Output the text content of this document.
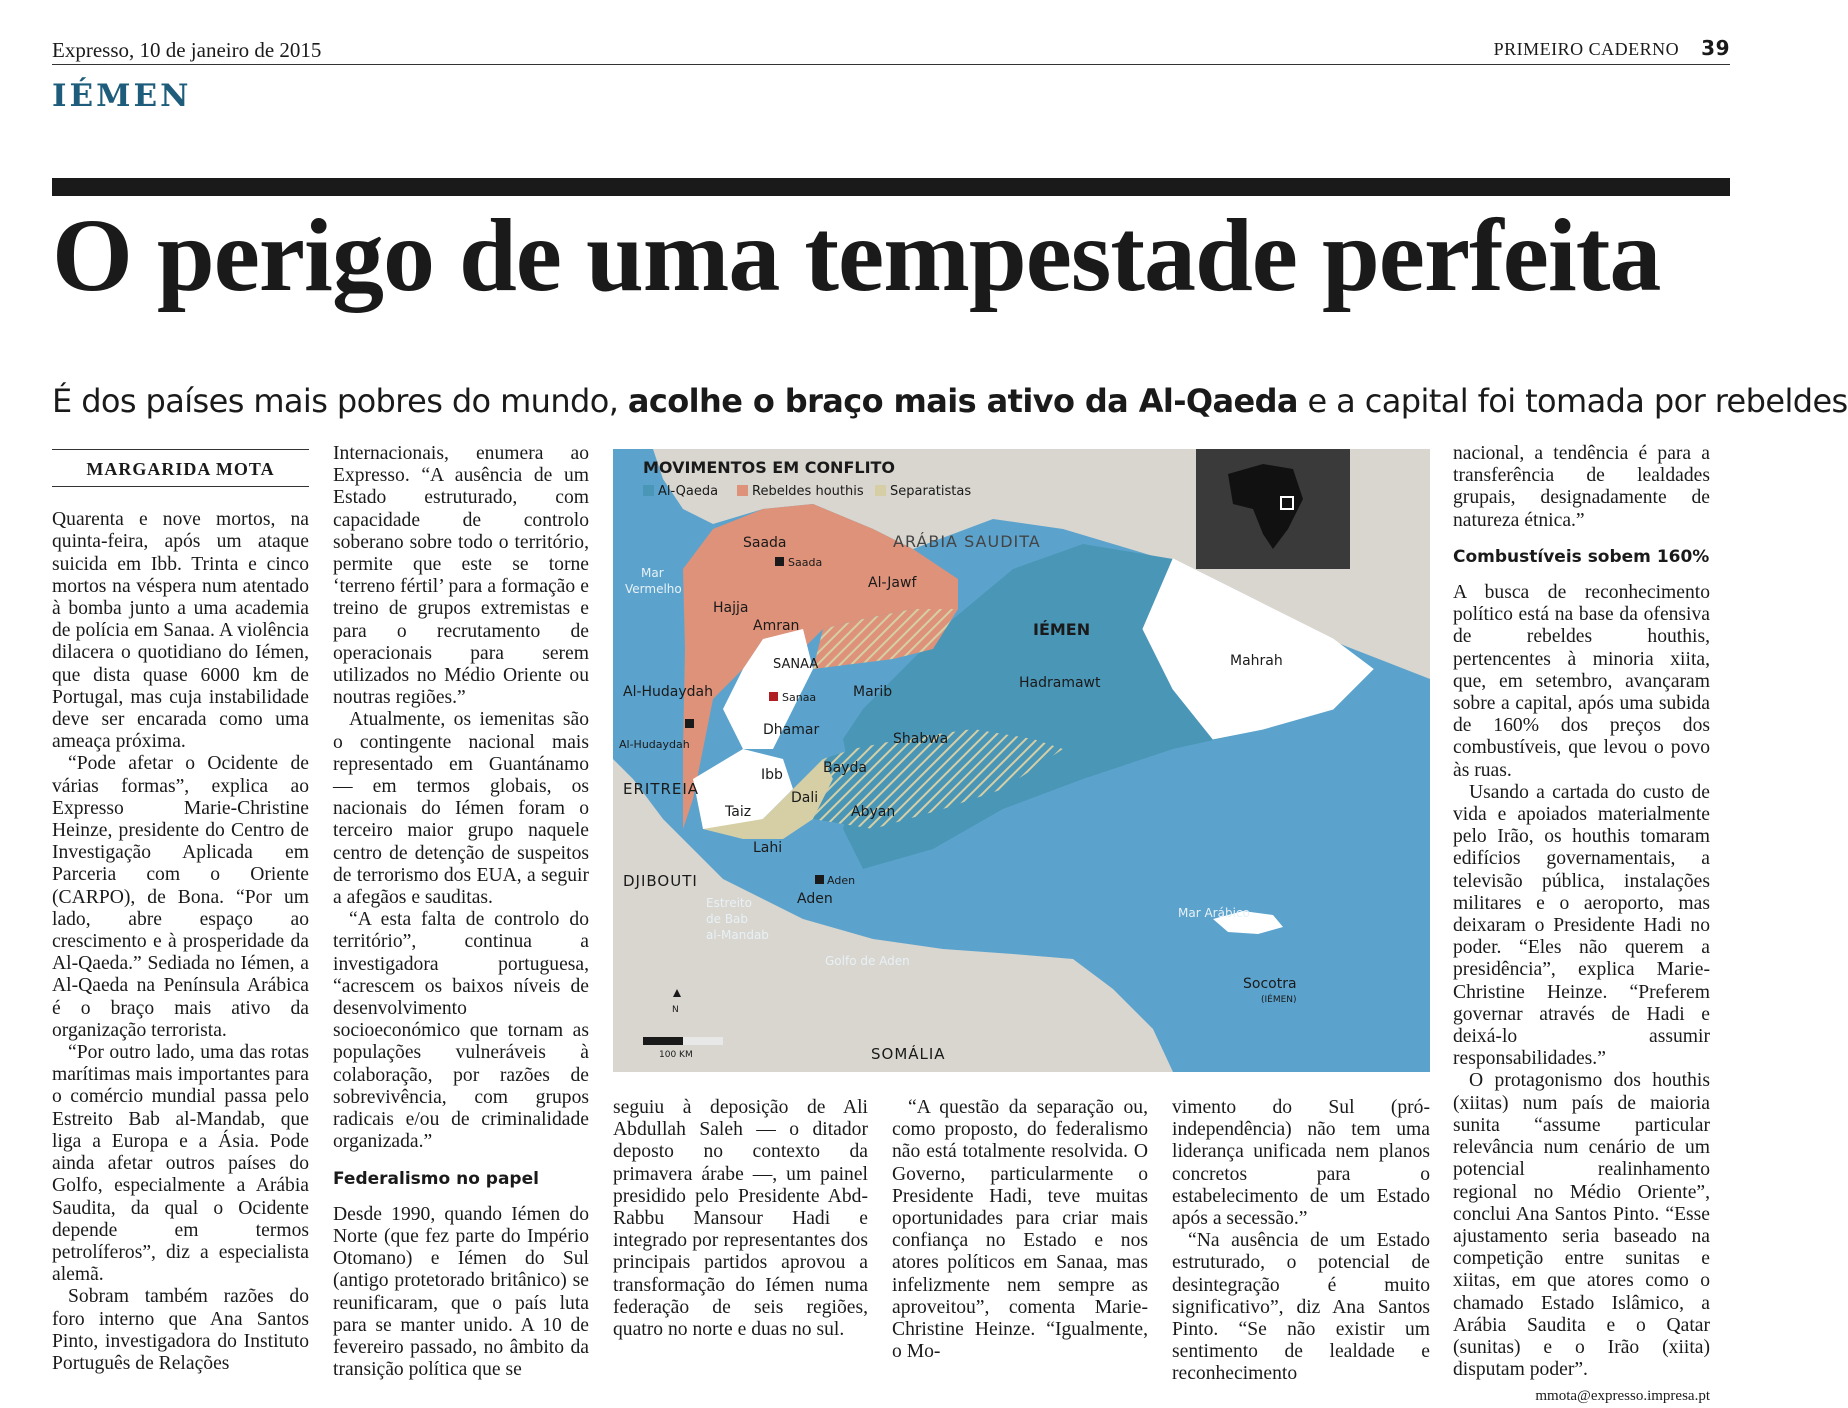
Expresso, 10 de janeiro de 2015	PRIMEIRO CADERNO 39
IÉMEN
O perigo de uma tempestade perfeita
É dos países mais pobres do mundo, acolhe o braço mais ativo da Al-Qaeda e a capital foi tomada por rebeldes
MARGARIDA MOTA

Quarenta e nove mortos, na quinta-feira, após um ataque suicida em Ibb. Trinta e cinco mortos na véspera num atentado à bomba junto a uma academia de polícia em Sanaa. A violência dilacera o quotidiano do Iémen, que dista quase 6000 km de Portugal, mas cuja instabilidade deve ser encarada como uma ameaça próxima.

“Pode afetar o Ocidente de várias formas”, explica ao Expresso Marie-Christine Heinze, presidente do Centro de Investigação Aplicada em Parceria com o Oriente (CARPO), de Bona. “Por um lado, abre espaço ao crescimento e à prosperidade da Al-Qaeda.” Sediada no Iémen, a Al-Qaeda na Península Arábica é o braço mais ativo da organização terrorista.

“Por outro lado, uma das rotas marítimas mais importantes para o comércio mundial passa pelo Estreito Bab al-Mandab, que liga a Europa e a Ásia. Pode ainda afetar outros países do Golfo, especialmente a Arábia Saudita, da qual o Ocidente depende em termos petrolíferos”, diz a especialista alemã.

Sobram também razões do foro interno que Ana Santos Pinto, investigadora do Instituto Português de Relações

Internacionais, enumera ao Expresso. “A ausência de um Estado estruturado, com capacidade de controlo soberano sobre todo o território, permite que este se torne ‘terreno fértil’ para a formação e treino de grupos extremistas e para o recrutamento de operacionais para serem utilizados no Médio Oriente ou noutras regiões.”

Atualmente, os iemenitas são o contingente nacional mais representado em Guantánamo — em termos globais, os nacionais do Iémen foram o terceiro maior grupo naquele centro de detenção de suspeitos de terrorismo dos EUA, a seguir a afegãos e sauditas.

“A esta falta de controlo do território”, continua a investigadora portuguesa, “acrescem os baixos níveis de desenvolvimento socioeconómico que tornam as populações vulneráveis à colaboração, por razões de sobrevivência, com grupos radicais e/ou de criminalidade organizada.”

Federalismo no papel

Desde 1990, quando Iémen do Norte (que fez parte do Império Otomano) e Iémen do Sul (antigo protetorado britânico) se reunificaram, que o país luta para se manter unido. A 10 de fevereiro passado, no âmbito da transição política que se

MOVIMENTOS EM CONFLITO
Al-Qaeda	Rebeldes houthis Separatistas
ARÁBIA SAUDITA
IÉMEN
ERITREIA
DJIBOUTI
SOMÁLIA
Mar
Vermelho
Mar Arábico
Golfo de Aden
Estreito
de Bab
al-Mandab
Saada
Saada
Hajja
Amran
Al-Jawf
SANAA
Sanaa	Marib
Hadramawt
Mahrah
Al-Hudaydah
Al-Hudaydah
Dhamar
Shabwa
Ibb	Bayda
Dali
Taiz	Abyan
Lahi
Aden
Aden
Socotra
(IÉMEN)
N
100 KM

seguiu à deposição de Ali Abdullah Saleh — o ditador deposto no contexto da primavera árabe —, um painel presidido pelo Presidente Abd-Rabbu Mansour Hadi e integrado por representantes dos principais partidos aprovou a transformação do Iémen numa federação de seis regiões, quatro no norte e duas no sul.

“A questão da separação ou, como proposto, do federalismo não está totalmente resolvida. O Governo, particularmente o Presidente Hadi, teve muitas oportunidades para criar mais confiança no Estado e nos atores políticos em Sanaa, mas infelizmente nem sempre as aproveitou”, comenta Marie-Christine Heinze. “Igualmente, o Mo-

vimento do Sul (pró-independência) não tem uma liderança unificada nem planos concretos para o estabelecimento de um Estado após a secessão.”

“Na ausência de um Estado estruturado, o potencial de desintegração é muito significativo”, diz Ana Santos Pinto. “Se não existir um sentimento de lealdade e reconhecimento

nacional, a tendência é para a transferência de lealdades grupais, designadamente de natureza étnica.”

Combustíveis sobem 160%

A busca de reconhecimento político está na base da ofensiva de rebeldes houthis, pertencentes à minoria xiita, que, em setembro, avançaram sobre a capital, após uma subida de 160% dos preços dos combustíveis, que levou o povo às ruas.

Usando a cartada do custo de vida e apoiados materialmente pelo Irão, os houthis tomaram edifícios governamentais, a televisão pública, instalações militares e o aeroporto, mas deixaram o Presidente Hadi no poder. “Eles não querem a presidência”, explica Marie-Christine Heinze. “Preferem governar através de Hadi e deixá-lo assumir responsabilidades.”

O protagonismo dos houthis (xiitas) num país de maioria sunita “assume particular relevância num cenário de um potencial realinhamento regional no Médio Oriente”, conclui Ana Santos Pinto. “Esse ajustamento seria baseado na competição entre sunitas e xiitas, em que atores como o chamado Estado Islâmico, a Arábia Saudita e o Qatar (sunitas) e o Irão (xiita) disputam poder”.

mmota@expresso.impresa.pt
